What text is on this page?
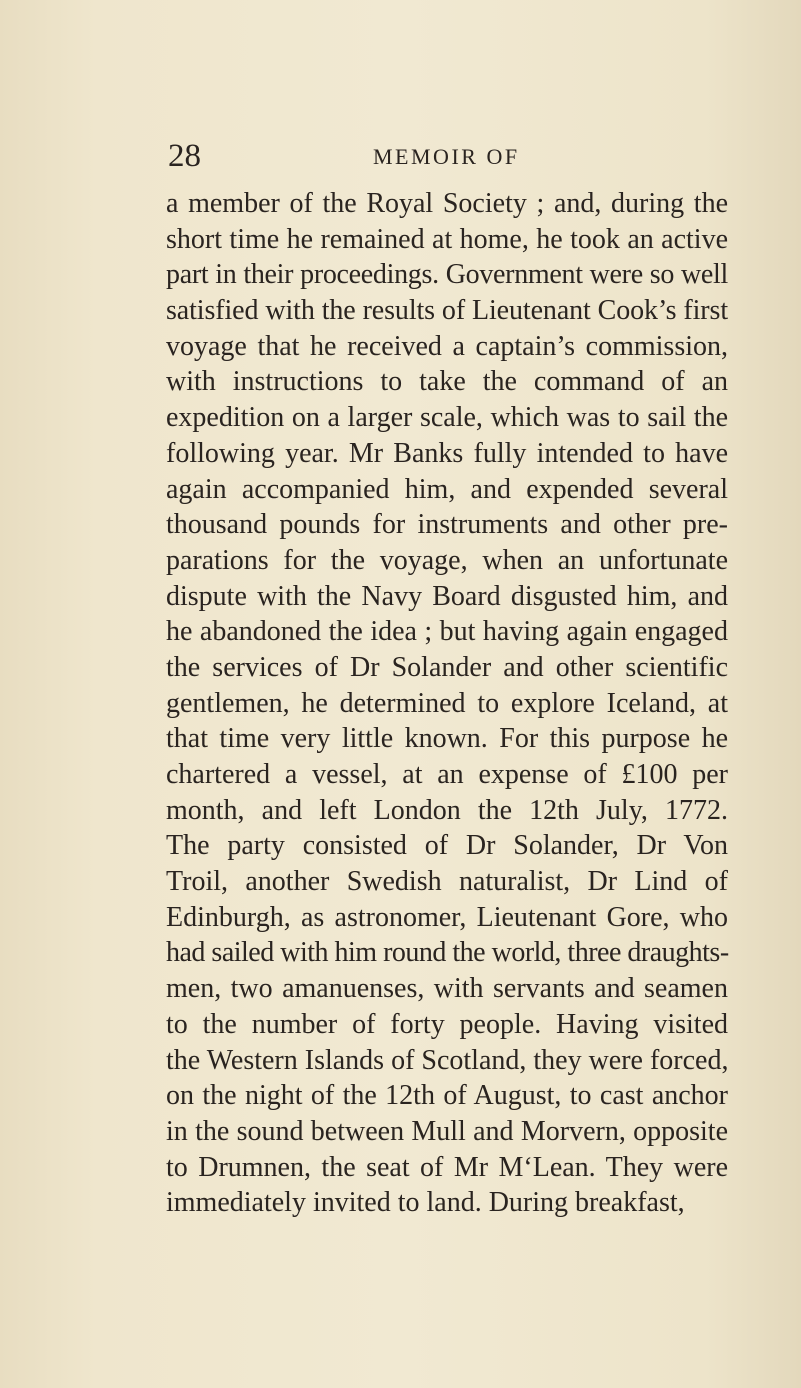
28	MEMOIR OF
a member of the Royal Society ; and, during the
short time he remained at home, he took an active
part in their proceedings. Government were so well
satisfied with the results of Lieutenant Cook’s first
voyage that he received a captain’s commission,
with instructions to take the command of an
expedition on a larger scale, which was to sail the
following year. Mr Banks fully intended to have
again accompanied him, and expended several
thousand pounds for instruments and other pre-
parations for the voyage, when an unfortunate
dispute with the Navy Board disgusted him, and
he abandoned the idea ; but having again engaged
the services of Dr Solander and other scientific
gentlemen, he determined to explore Iceland, at
that time very little known. For this purpose he
chartered a vessel, at an expense of £100 per
month, and left London the 12th July, 1772.
The party consisted of Dr Solander, Dr Von
Troil, another Swedish naturalist, Dr Lind of
Edinburgh, as astronomer, Lieutenant Gore, who
had sailed with him round the world, three draughts-
men, two amanuenses, with servants and seamen
to the number of forty people. Having visited
the Western Islands of Scotland, they were forced,
on the night of the 12th of August, to cast anchor
in the sound between Mull and Morvern, opposite
to Drumnen, the seat of Mr M‘Lean. They were
immediately invited to land. During breakfast,
